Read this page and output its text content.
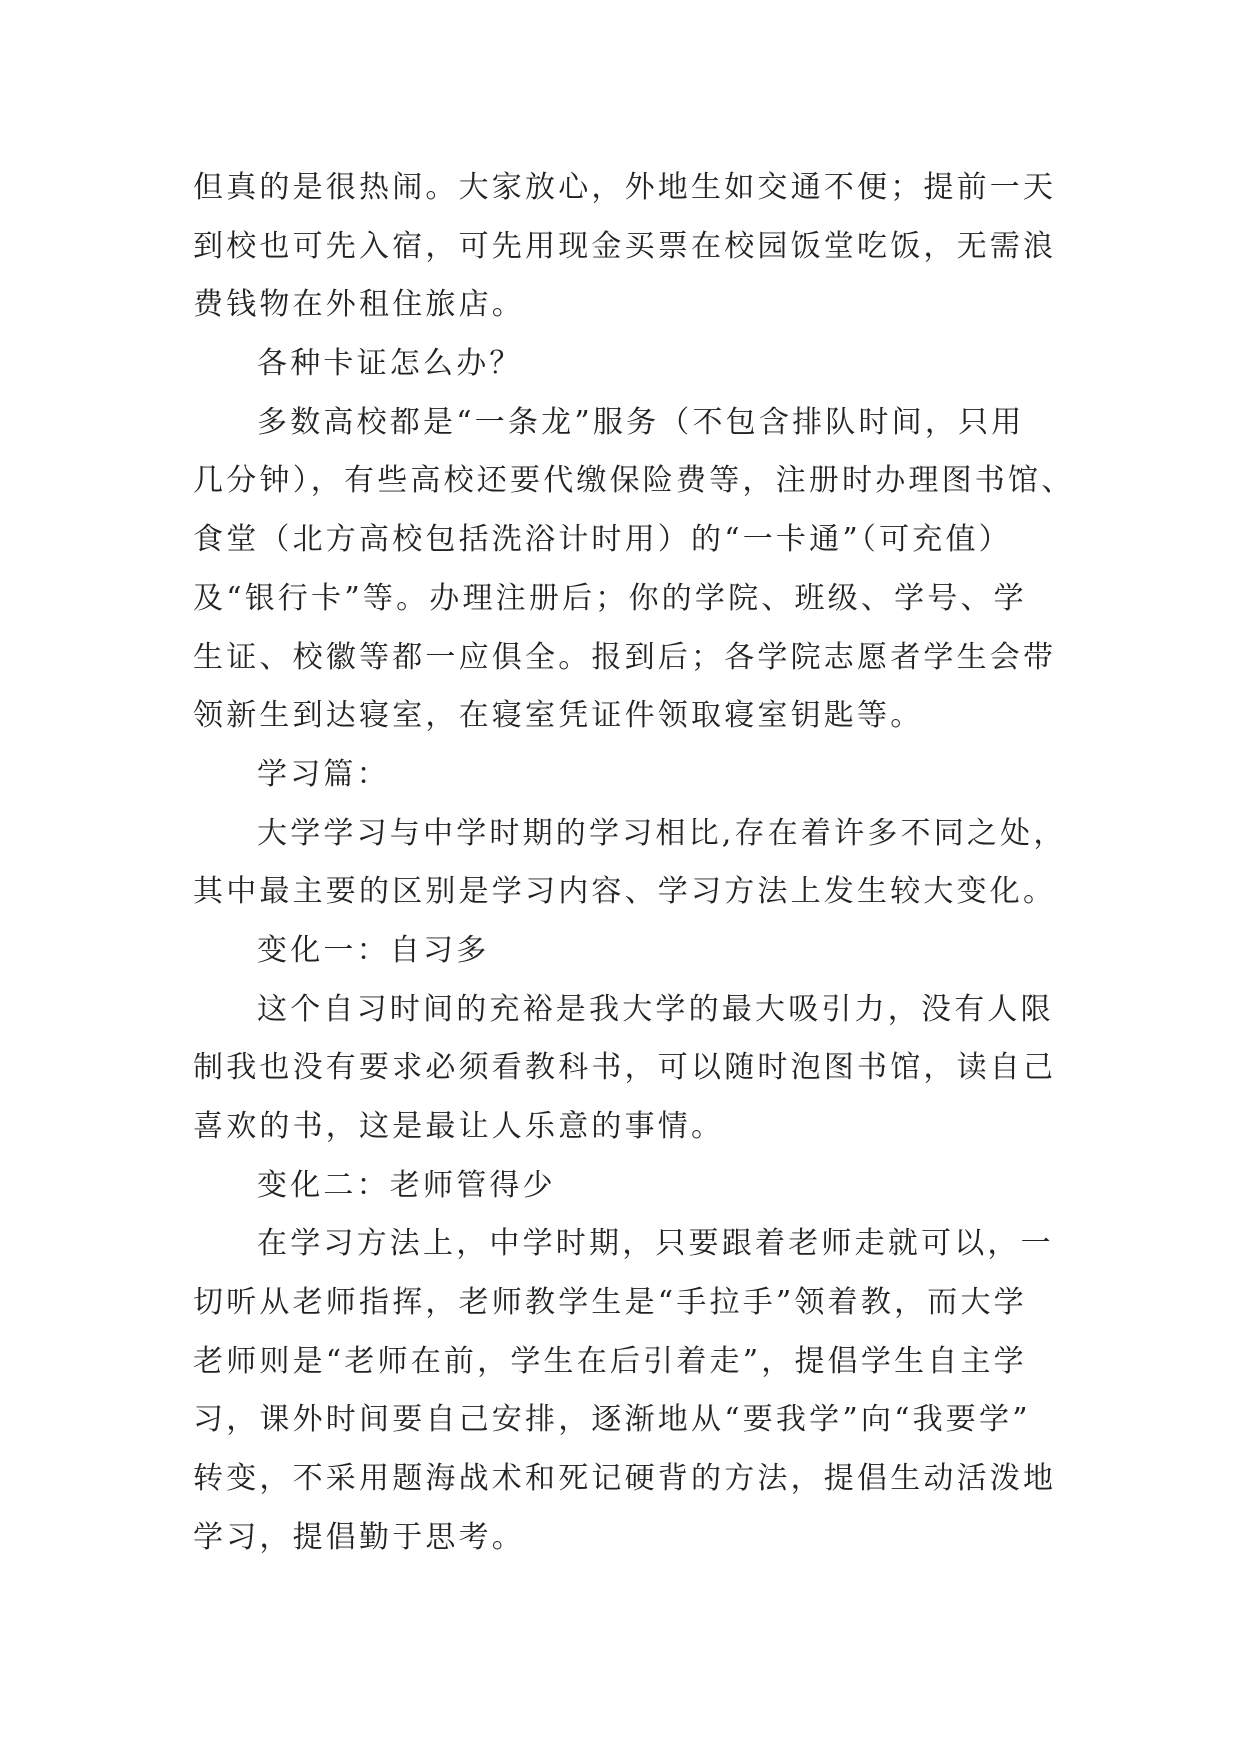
但真的是很热闹。大家放心，外地生如交通不便；提前一天
到校也可先入宿，可先用现金买票在校园饭堂吃饭，无需浪
费钱物在外租住旅店。
各种卡证怎么办？
多数高校都是“一条龙”服务（不包含排队时间，只用
几分钟），有些高校还要代缴保险费等，注册时办理图书馆、
食堂（北方高校包括洗浴计时用）的“一卡通”（可充值）
及“银行卡”等。办理注册后；你的学院、班级、学号、学
生证、校徽等都一应俱全。报到后；各学院志愿者学生会带
领新生到达寝室，在寝室凭证件领取寝室钥匙等。
学习篇：
大学学习与中学时期的学习相比,存在着许多不同之处，
其中最主要的区别是学习内容、学习方法上发生较大变化。
变化一：自习多
这个自习时间的充裕是我大学的最大吸引力，没有人限
制我也没有要求必须看教科书，可以随时泡图书馆，读自己
喜欢的书，这是最让人乐意的事情。
变化二：老师管得少
在学习方法上，中学时期，只要跟着老师走就可以，一
切听从老师指挥，老师教学生是“手拉手”领着教，而大学
老师则是“老师在前，学生在后引着走”，提倡学生自主学
习，课外时间要自己安排，逐渐地从“要我学”向“我要学”
转变，不采用题海战术和死记硬背的方法，提倡生动活泼地
学习，提倡勤于思考。
